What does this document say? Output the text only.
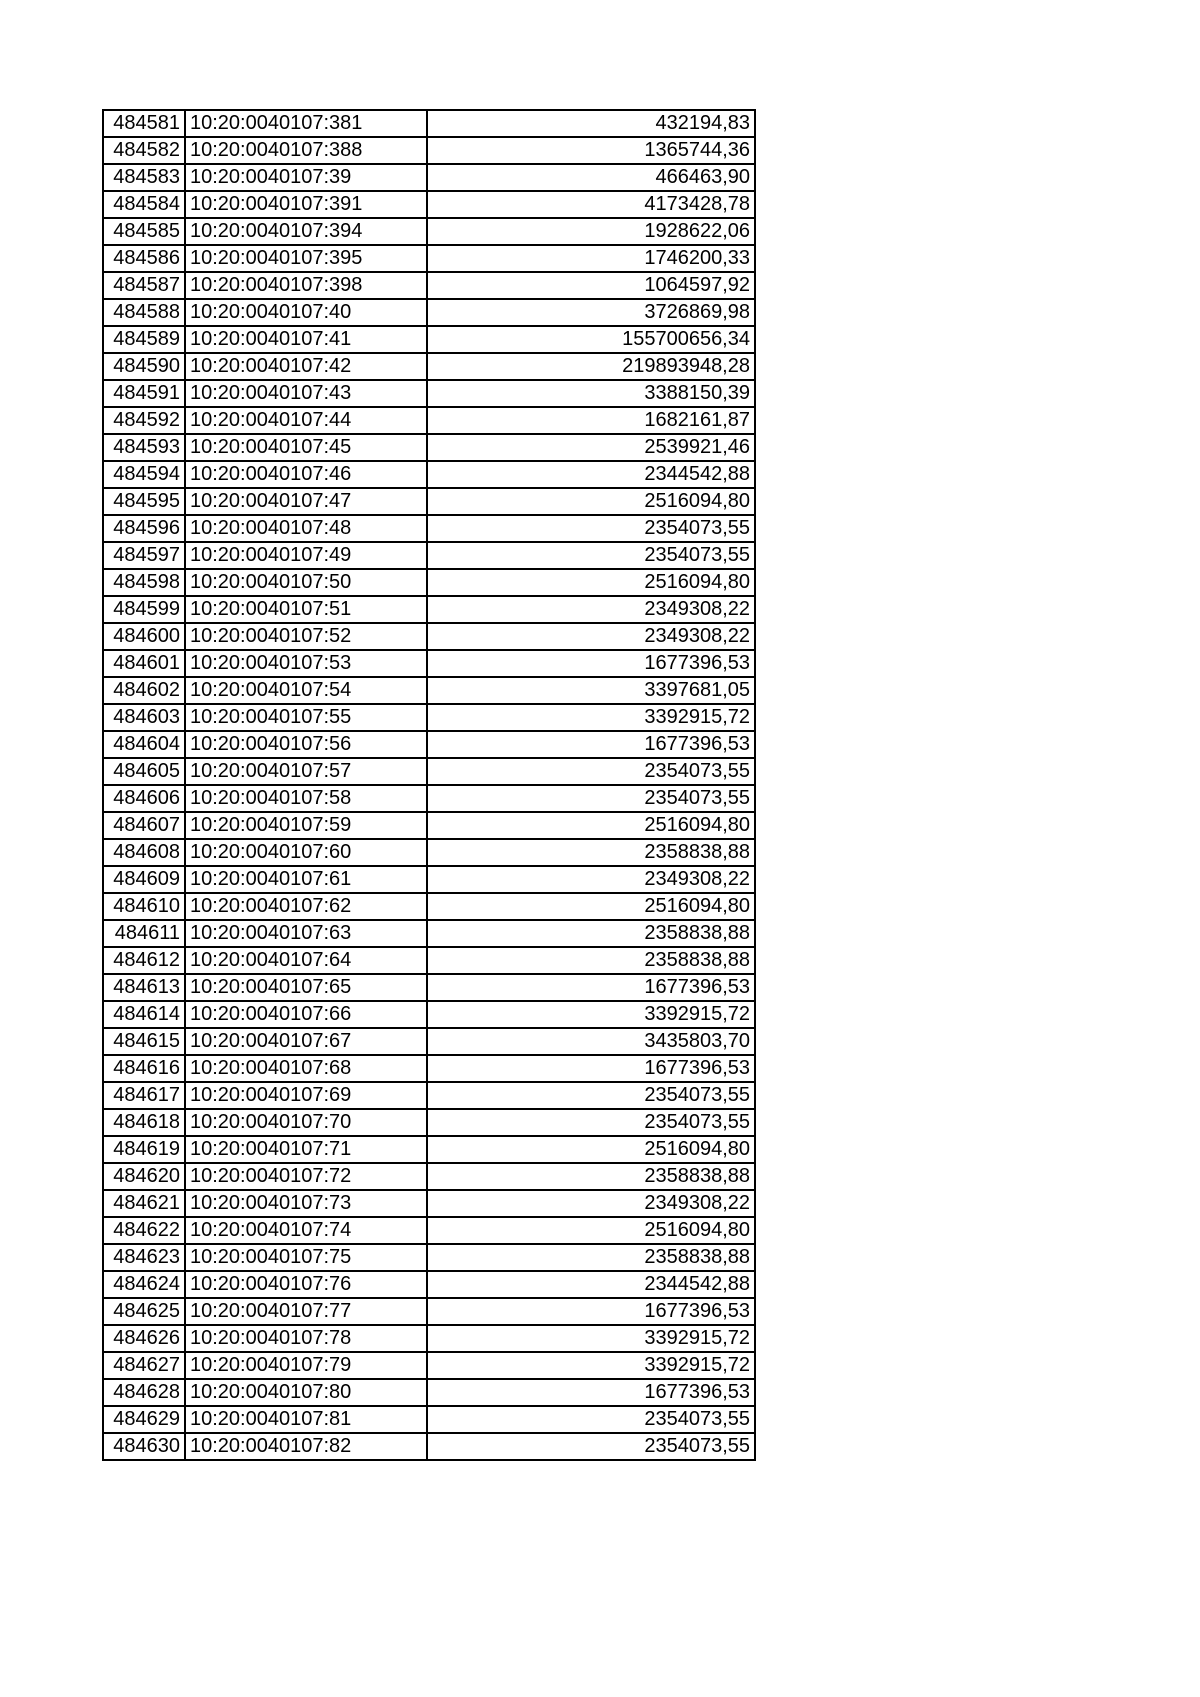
484581	10:20:0040107:381	432194,83
484582	10:20:0040107:388	1365744,36
484583	10:20:0040107:39	466463,90
484584	10:20:0040107:391	4173428,78
484585	10:20:0040107:394	1928622,06
484586	10:20:0040107:395	1746200,33
484587	10:20:0040107:398	1064597,92
484588	10:20:0040107:40	3726869,98
484589	10:20:0040107:41	155700656,34
484590	10:20:0040107:42	219893948,28
484591	10:20:0040107:43	3388150,39
484592	10:20:0040107:44	1682161,87
484593	10:20:0040107:45	2539921,46
484594	10:20:0040107:46	2344542,88
484595	10:20:0040107:47	2516094,80
484596	10:20:0040107:48	2354073,55
484597	10:20:0040107:49	2354073,55
484598	10:20:0040107:50	2516094,80
484599	10:20:0040107:51	2349308,22
484600	10:20:0040107:52	2349308,22
484601	10:20:0040107:53	1677396,53
484602	10:20:0040107:54	3397681,05
484603	10:20:0040107:55	3392915,72
484604	10:20:0040107:56	1677396,53
484605	10:20:0040107:57	2354073,55
484606	10:20:0040107:58	2354073,55
484607	10:20:0040107:59	2516094,80
484608	10:20:0040107:60	2358838,88
484609	10:20:0040107:61	2349308,22
484610	10:20:0040107:62	2516094,80
484611	10:20:0040107:63	2358838,88
484612	10:20:0040107:64	2358838,88
484613	10:20:0040107:65	1677396,53
484614	10:20:0040107:66	3392915,72
484615	10:20:0040107:67	3435803,70
484616	10:20:0040107:68	1677396,53
484617	10:20:0040107:69	2354073,55
484618	10:20:0040107:70	2354073,55
484619	10:20:0040107:71	2516094,80
484620	10:20:0040107:72	2358838,88
484621	10:20:0040107:73	2349308,22
484622	10:20:0040107:74	2516094,80
484623	10:20:0040107:75	2358838,88
484624	10:20:0040107:76	2344542,88
484625	10:20:0040107:77	1677396,53
484626	10:20:0040107:78	3392915,72
484627	10:20:0040107:79	3392915,72
484628	10:20:0040107:80	1677396,53
484629	10:20:0040107:81	2354073,55
484630	10:20:0040107:82	2354073,55
